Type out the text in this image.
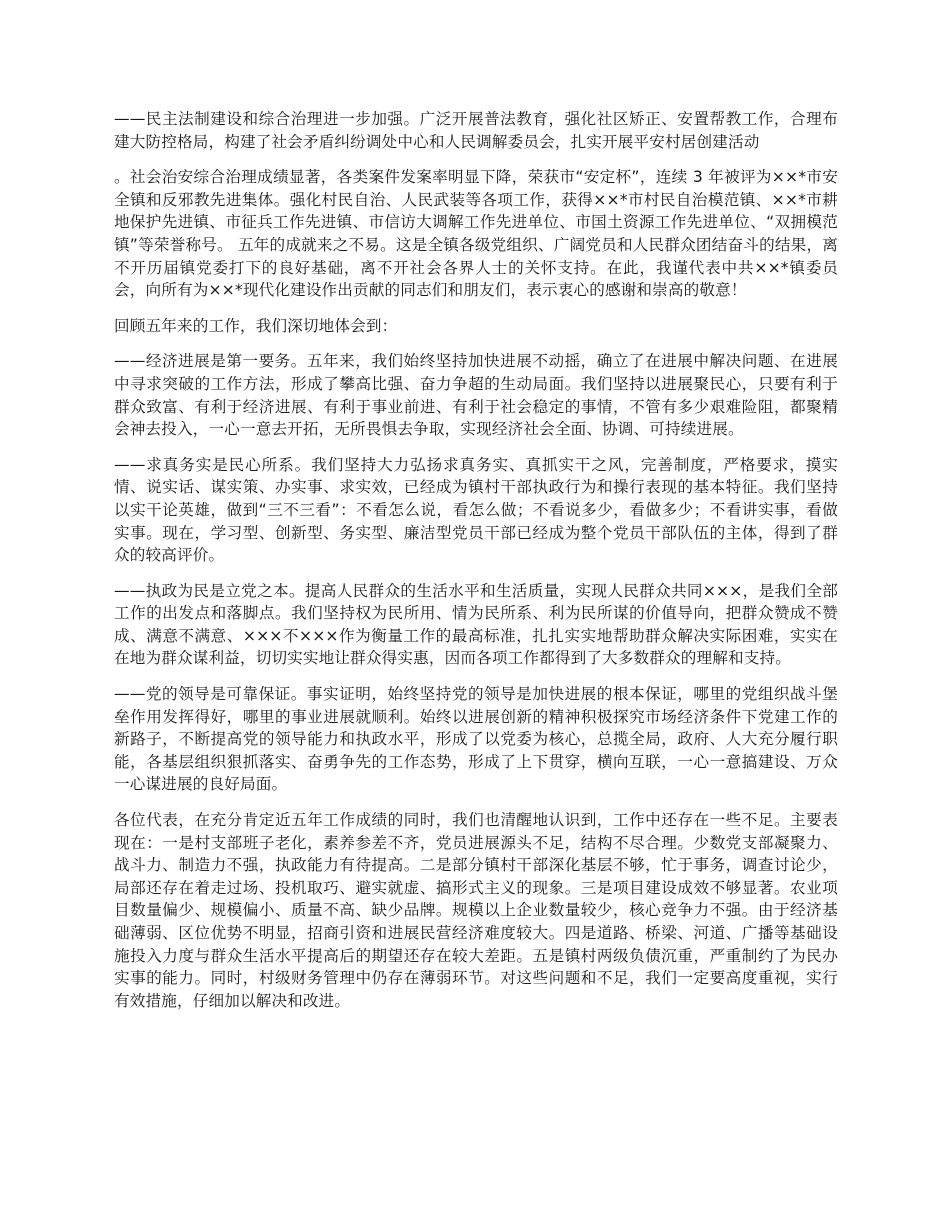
——民主法制建设和综合治理进一步加强。广泛开展普法教育，强化社区矫正、安置帮教工作，合理布建大防控格局，构建了社会矛盾纠纷调处中心和人民调解委员会，扎实开展平安村居创建活动

。社会治安综合治理成绩显著，各类案件发案率明显下降，荣获市“安定杯”，连续 3 年被评为××*市安全镇和反邪教先进集体。强化村民自治、人民武装等各项工作，获得××*市村民自治模范镇、××*市耕地保护先进镇、市征兵工作先进镇、市信访大调解工作先进单位、市国土资源工作先进单位、“双拥模范镇”等荣誉称号。 五年的成就来之不易。这是全镇各级党组织、广阔党员和人民群众团结奋斗的结果，离不开历届镇党委打下的良好基础，离不开社会各界人士的关怀支持。在此，我谨代表中共××*镇委员会，向所有为××*现代化建设作出贡献的同志们和朋友们，表示衷心的感谢和崇高的敬意！

回顾五年来的工作，我们深切地体会到：

——经济进展是第一要务。五年来，我们始终坚持加快进展不动摇，确立了在进展中解决问题、在进展中寻求突破的工作方法，形成了攀高比强、奋力争超的生动局面。我们坚持以进展聚民心，只要有利于群众致富、有利于经济进展、有利于事业前进、有利于社会稳定的事情，不管有多少艰难险阻，都聚精会神去投入，一心一意去开拓，无所畏惧去争取，实现经济社会全面、协调、可持续进展。

——求真务实是民心所系。我们坚持大力弘扬求真务实、真抓实干之风，完善制度，严格要求，摸实情、说实话、谋实策、办实事、求实效，已经成为镇村干部执政行为和操行表现的基本特征。我们坚持以实干论英雄，做到“三不三看”：不看怎么说，看怎么做；不看说多少，看做多少；不看讲实事，看做实事。现在，学习型、创新型、务实型、廉洁型党员干部已经成为整个党员干部队伍的主体，得到了群众的较高评价。

——执政为民是立党之本。提高人民群众的生活水平和生活质量，实现人民群众共同×××，是我们全部工作的出发点和落脚点。我们坚持权为民所用、情为民所系、利为民所谋的价值导向，把群众赞成不赞成、满意不满意、×××不×××作为衡量工作的最高标准，扎扎实实地帮助群众解决实际困难，实实在在地为群众谋利益，切切实实地让群众得实惠，因而各项工作都得到了大多数群众的理解和支持。

——党的领导是可靠保证。事实证明，始终坚持党的领导是加快进展的根本保证，哪里的党组织战斗堡垒作用发挥得好，哪里的事业进展就顺利。始终以进展创新的精神积极探究市场经济条件下党建工作的新路子，不断提高党的领导能力和执政水平，形成了以党委为核心，总揽全局，政府、人大充分履行职能，各基层组织狠抓落实、奋勇争先的工作态势，形成了上下贯穿，横向互联，一心一意搞建设、万众一心谋进展的良好局面。

各位代表，在充分肯定近五年工作成绩的同时，我们也清醒地认识到，工作中还存在一些不足。主要表现在：一是村支部班子老化，素养参差不齐，党员进展源头不足，结构不尽合理。少数党支部凝聚力、战斗力、制造力不强，执政能力有待提高。二是部分镇村干部深化基层不够，忙于事务，调查讨论少，局部还存在着走过场、投机取巧、避实就虚、搞形式主义的现象。三是项目建设成效不够显著。农业项目数量偏少、规模偏小、质量不高、缺少品牌。规模以上企业数量较少，核心竞争力不强。由于经济基础薄弱、区位优势不明显，招商引资和进展民营经济难度较大。四是道路、桥梁、河道、广播等基础设施投入力度与群众生活水平提高后的期望还存在较大差距。五是镇村两级负债沉重，严重制约了为民办实事的能力。同时，村级财务管理中仍存在薄弱环节。对这些问题和不足，我们一定要高度重视，实行有效措施，仔细加以解决和改进。
